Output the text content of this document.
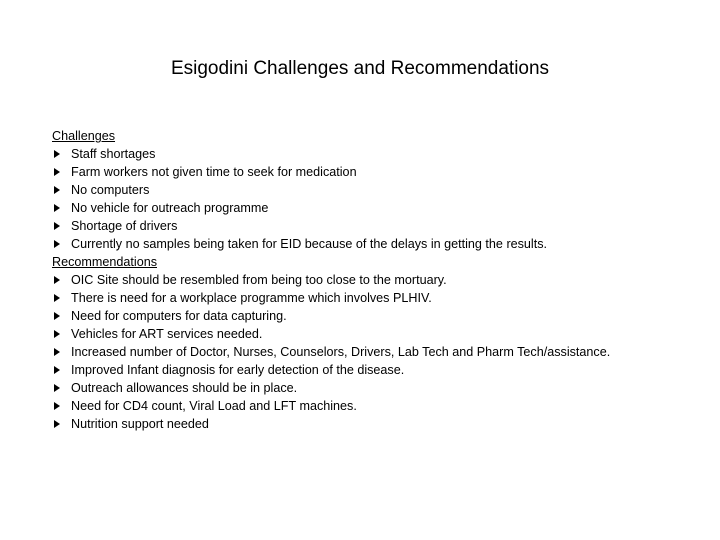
Esigodini Challenges and Recommendations
Challenges
Staff shortages
Farm workers not given time to seek for medication
No computers
No vehicle for outreach programme
Shortage of drivers
Currently no samples being taken for EID because of the delays in getting the results.
Recommendations
OIC Site should be resembled from being too close to the mortuary.
There is need for a workplace programme which involves PLHIV.
Need for computers for data capturing.
Vehicles for ART services needed.
Increased number of Doctor, Nurses, Counselors, Drivers, Lab Tech and Pharm Tech/assistance.
Improved Infant diagnosis for early detection of the disease.
Outreach allowances should be in place.
Need for CD4 count, Viral Load and LFT machines.
Nutrition support needed
